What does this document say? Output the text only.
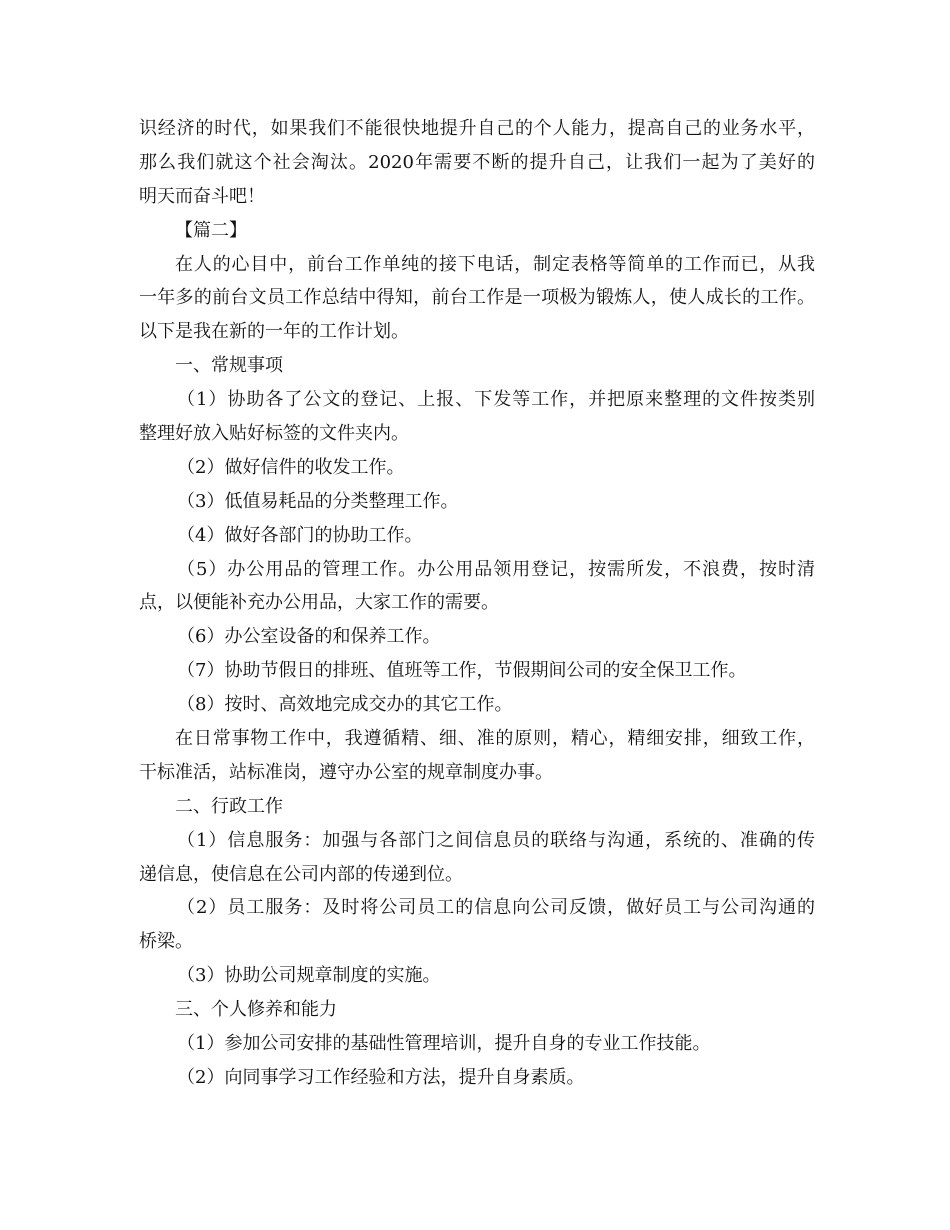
识经济的时代，如果我们不能很快地提升自己的个人能力，提高自己的业务水平，
那么我们就这个社会淘汰。2020年需要不断的提升自己，让我们一起为了美好的
明天而奋斗吧！
【篇二】
在人的心目中，前台工作单纯的接下电话，制定表格等简单的工作而已，从我
一年多的前台文员工作总结中得知，前台工作是一项极为锻炼人，使人成长的工作。
以下是我在新的一年的工作计划。
一、常规事项
（1）协助各了公文的登记、上报、下发等工作，并把原来整理的文件按类别
整理好放入贴好标签的文件夹内。
（2）做好信件的收发工作。
（3）低值易耗品的分类整理工作。
（4）做好各部门的协助工作。
（5）办公用品的管理工作。办公用品领用登记，按需所发，不浪费，按时清
点，以便能补充办公用品，大家工作的需要。
（6）办公室设备的和保养工作。
（7）协助节假日的排班、值班等工作，节假期间公司的安全保卫工作。
（8）按时、高效地完成交办的其它工作。
在日常事物工作中，我遵循精、细、准的原则，精心，精细安排，细致工作，
干标准活，站标准岗，遵守办公室的规章制度办事。
二、行政工作
（1）信息服务：加强与各部门之间信息员的联络与沟通，系统的、准确的传
递信息，使信息在公司内部的传递到位。
（2）员工服务：及时将公司员工的信息向公司反馈，做好员工与公司沟通的
桥梁。
（3）协助公司规章制度的实施。
三、个人修养和能力
（1）参加公司安排的基础性管理培训，提升自身的专业工作技能。
（2）向同事学习工作经验和方法，提升自身素质。
